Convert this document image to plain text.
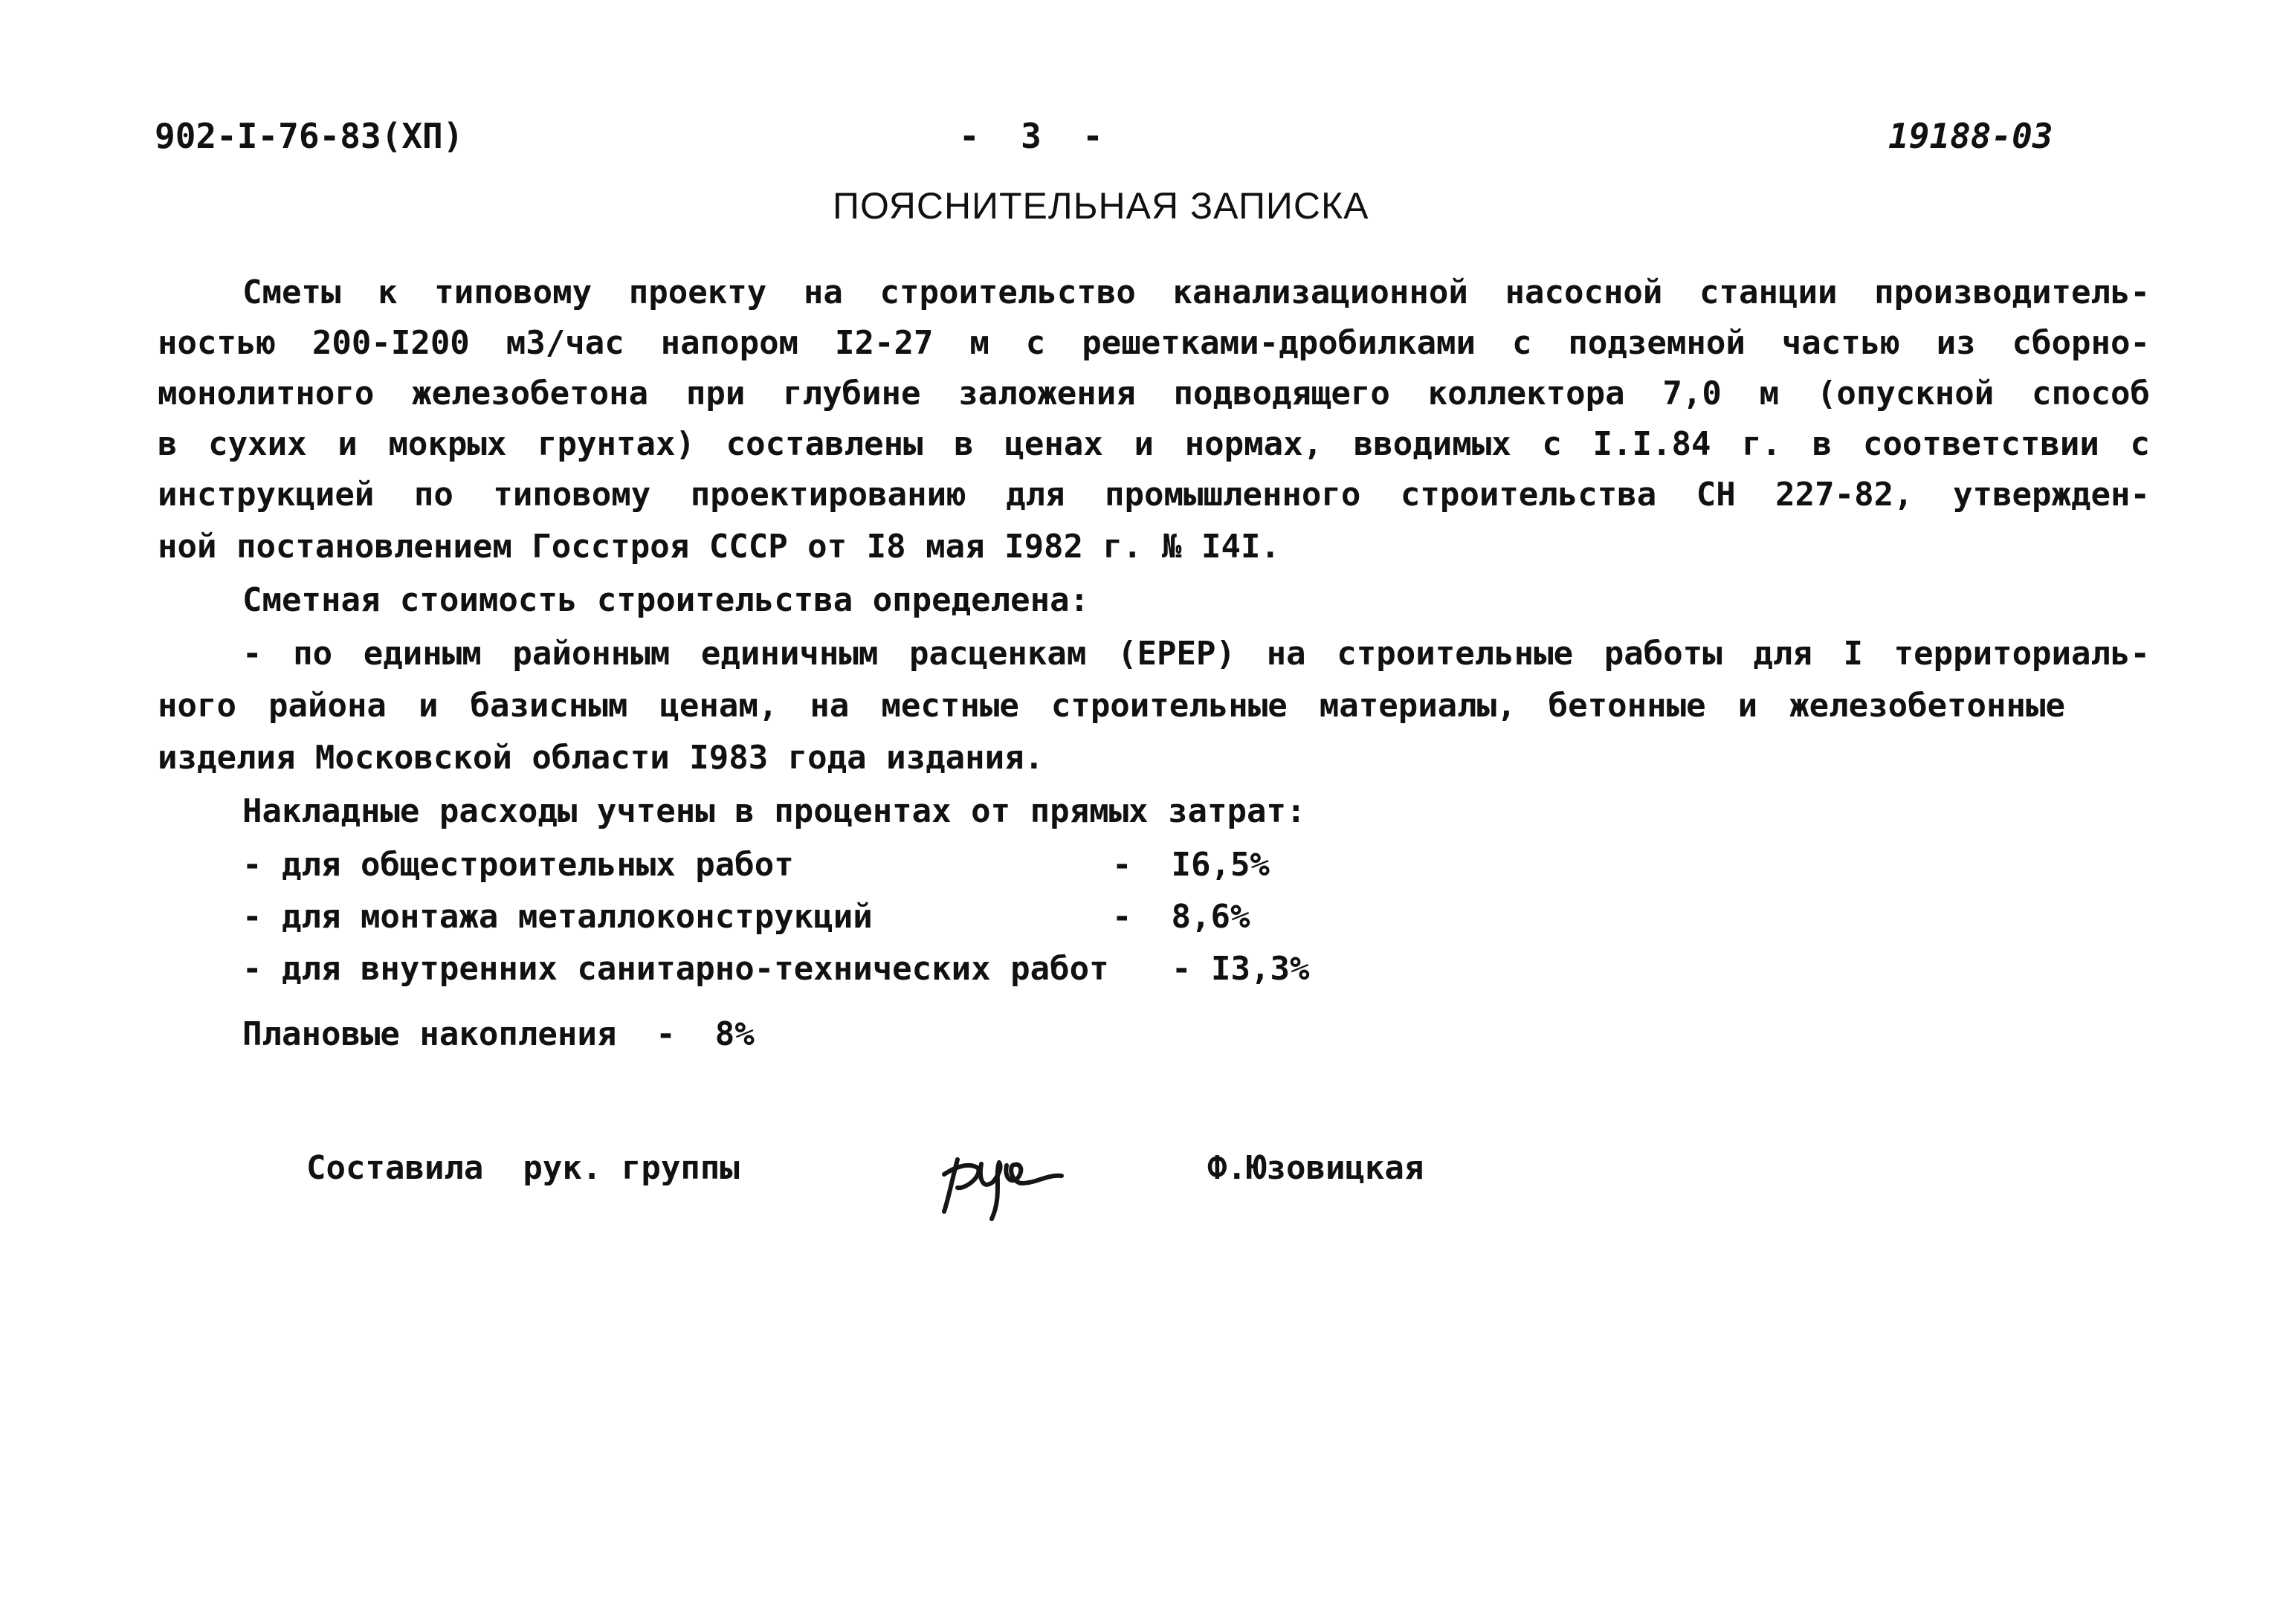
902-I-76-83(XП)	-  3  -	19188-03
ПОЯСНИТЕЛЬНАЯ ЗАПИСКА
Сметы к типовому проекту на строительство канализационной насосной станции производитель-
ностью 200-I200 м3/час напором I2-27 м с решетками-дробилками с подземной частью из сборно-
монолитного железобетона при глубине заложения подводящего коллектора 7,0 м (опускной способ
в сухих и мокрых грунтах) составлены в ценах и нормах, вводимых с I.I.84 г. в соответствии с
инструкцией по типовому проектированию для промышленного строительства СН 227-82, утвержден-
ной постановлением Госстроя СССР от I8 мая I982 г. № I4I.
Сметная стоимость строительства определена:
- по единым районным единичным расценкам (ЕРЕР) на строительные работы для I территориаль-
ного района и базисным ценам, на местные строительные материалы, бетонные и железобетонные
изделия Московской области I983 года издания.
Накладные расходы учтены в процентах от прямых затрат:
- для общестроительных работ	-  I6,5%
- для монтажа металлоконструкций	-  8,6%
- для внутренних санитарно-технических работ - I3,3%
Плановые накопления  -  8%
Составила  рук. группы	Ф.Юзовицкая
